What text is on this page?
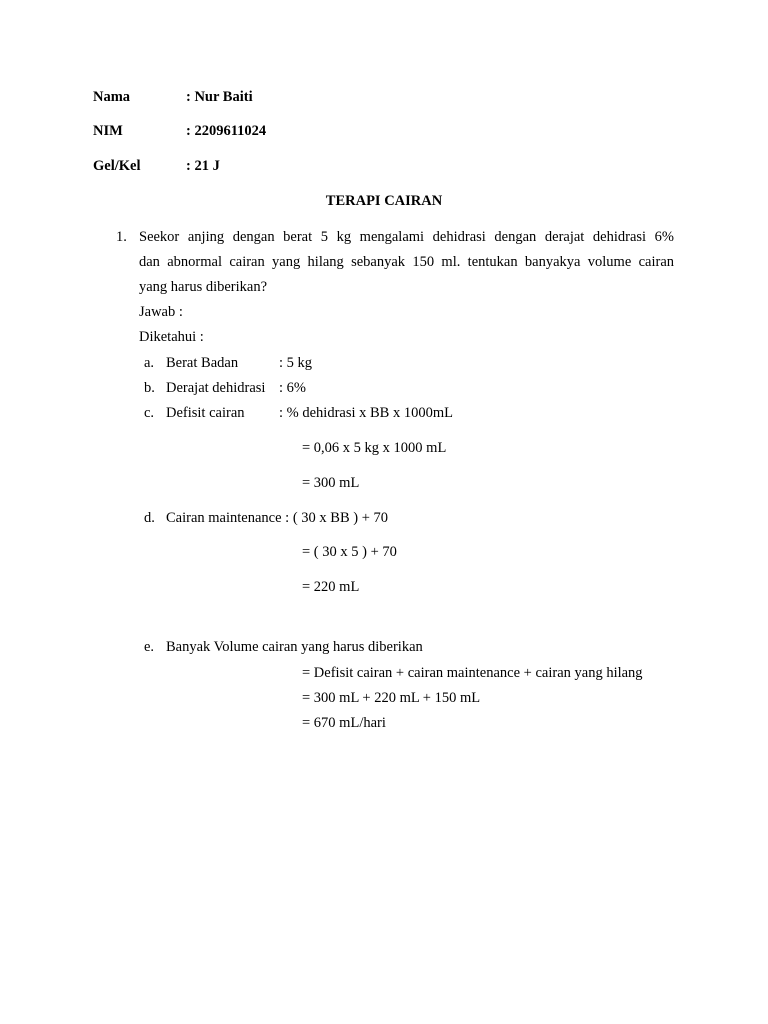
Nama	: Nur Baiti
NIM	: 2209611024
Gel/Kel	: 21 J
TERAPI CAIRAN
1. Seekor anjing dengan berat 5 kg mengalami dehidrasi dengan derajat dehidrasi 6%
dan abnormal cairan yang hilang sebanyak 150 ml. tentukan banyakya volume cairan
yang harus diberikan?
Jawab :
Diketahui :
a. Berat Badan	: 5 kg
b. Derajat dehidrasi : 6%
c. Defisit cairan : % dehidrasi x BB x 1000mL
= 0,06 x 5 kg x 1000 mL
= 300 mL
d. Cairan maintenance : ( 30 x BB ) + 70
= ( 30 x 5 ) + 70
= 220 mL
e. Banyak Volume cairan yang harus diberikan
= Defisit cairan + cairan maintenance + cairan yang hilang
= 300 mL + 220 mL + 150 mL
= 670 mL/hari
